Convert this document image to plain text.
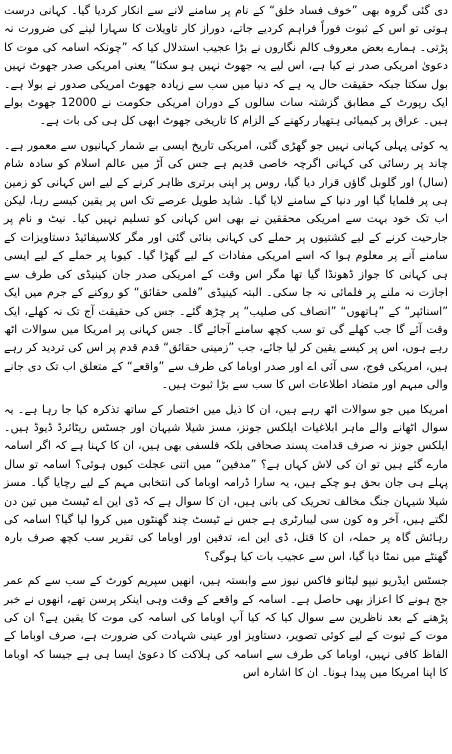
دی گئی گروہ بھی ”خوف فساد خلق“ کے نام پر سامنے لانے سے انکار کردیا گیا۔ کہانی درست ہوتی تو اس کے ثبوت فوراً فراہم کردیے جاتے، دوراز کار تاویلات کا سہارا لینے کی ضرورت نہ پڑتی۔ ہمارے بعض معروف کالم نگاروں نے بڑا عجیب استدلال کیا کہ ”چونکہ اسامہ کی موت کا دعویٰ امریکی صدر نے کیا ہے، اس لیے یہ جھوٹ نہیں ہو سکتا“ یعنی امریکی صدر جھوٹ نہیں بول سکتا جبکہ حقیقت حال یہ ہے کہ دنیا میں سب سے زیادہ جھوٹ امریکی صدور نے بولا ہے۔ ایک رپورٹ کے مطابق گزشتہ سات سالوں کے دوران امریکی حکومت نے 12000 جھوٹ بولے ہیں۔ عراق پر کیمیائی ہتھیار رکھنے کے الزام کا تاریخی جھوٹ ابھی کل ہی کی بات ہے۔

یہ کوئی پہلی کہانی نہیں جو گھڑی گئی، امریکی تاریخ ایسی بے شمار کہانیوں سے معمور ہے۔ چاند پر رسائی کی کہانی اگرچہ خاصی قدیم ہے جس کی آڑ میں عالم اسلام کو سادہ شام (سال) اور گلوبل گاؤں قرار دیا گیا، روس پر اپنی برتری ظاہر کرنے کے لیے اس کہانی کو زمین ہی پر فلمایا گیا اور دنیا کے سامنے لایا گیا۔ شاید طویل عرصے تک اس پر یقین کیسے رہا، لیکن اب تک خود بہت سے امریکی محققین نے بھی اس کہانی کو تسلیم نہیں کیا۔ نیٹ و نام پر جارحیت کرنے کے لیے کشتیوں پر حملے کی کہانی بنائی گئی اور مگر کلاسیفائیڈ دستاویزات کے سامنے آنے پر معلوم ہوا کہ اسے امریکی مفادات کے لیے گھڑا گیا۔ کیوبا پر حملے کے لیے ایسی ہی کہانی کا جواز ڈھونڈا گیا تھا مگر اس وقت کے امریکی صدر جان کینیڈی کی طرف سے اجازت نہ ملنے پر فلمائی نہ جا سکی۔ البتہ کینیڈی ”فلمی حقائق“ کو روکنے کے جرم میں ایک ”اسنائپر“ کے ”ہاتھوں“ ”انصاف کی صلیب“ پر چڑھ گئے۔ جس کی حقیقت آج تک نہ کھلے، ایک وقت آئے گا جب کھلے گی تو سب کچھ سامنے آجائے گا۔ جس کہانی پر امریکا میں سوالات اٹھ رہے ہوں، اس پر کیسے یقین کر لیا جائے، جب ”زمینی حقائق“ قدم قدم پر اس کی تردید کر رہے ہیں، امریکی فوج، سی آئی اے اور صدر اوباما کی طرف سے ”واقعے“ کے متعلق اب تک دی جانے والی مبہم اور متضاد اطلاعات اس کا سب سے بڑا ثبوت ہیں۔

امریکا میں جو سوالات اٹھ رہے ہیں، ان کا ذیل میں اختصار کے ساتھ تذکرہ کیا جا رہا ہے۔ یہ سوال اٹھانے والے ماہر ابلاغیات ایلکس جونز، مسز شیلا شیہان اور جسٹس ریٹائرڈ ڈیوڈ ہیں۔ ایلکس جونز نہ صرف قدامت پسند صحافی بلکہ فلسفی بھی ہیں، ان کا کہنا ہے کہ اگر اسامہ مارے گئے ہیں تو ان کی لاش کہاں ہے؟ ”مدفین“ میں اتنی عجلت کیوں ہوئی؟ اسامہ تو سال پہلے ہی جان بحق ہو چکے ہیں، یہ سارا ڈرامہ اوباما کی انتخابی مہم کے لیے رچایا گیا۔ مسز شیلا شیہان جنگ مخالف تحریک کی بانی ہیں، ان کا سوال ہے کہ ڈی این اے ٹیسٹ میں تین دن لگتے ہیں، آخر وہ کون سی لیبارٹری ہے جس نے ٹیسٹ چند گھنٹوں میں کروا لیا گیا؟ اسامہ کی رہائش گاہ پر حملہ، ان کا قتل، ڈی این اے، تدفین اور اوباما کی تقریر سب کچھ صرف بارہ گھنٹے میں نمٹا دیا گیا، اس سے عجیب بات کیا ہوگی؟

جسٹس ایڈریو نیپو لیٹانو فاکس نیوز سے وابستہ ہیں، انھیں سپریم کورٹ کے سب سے کم عمر جج ہونے کا اعزاز بھی حاصل ہے۔ اسامہ کے واقعے کے وقت وہی اینکر پرسن تھے، انھوں نے خبر پڑھنے کے بعد ناظرین سے سوال کیا کہ کیا آپ اوباما کی اسامہ کی موت کا یقین ہے؟ ان کی موت کے ثبوت کے لیے کوئی تصویر، دستاویز اور عینی شہادت کی ضرورت ہے، صرف اوباما کے الفاظ کافی نہیں، اوباما کی طرف سے اسامہ کی ہلاکت کا دعویٰ ایسا ہی ہے جیسا کہ اوباما کا اپنا امریکا میں پیدا ہونا۔ ان کا اشارہ اس
